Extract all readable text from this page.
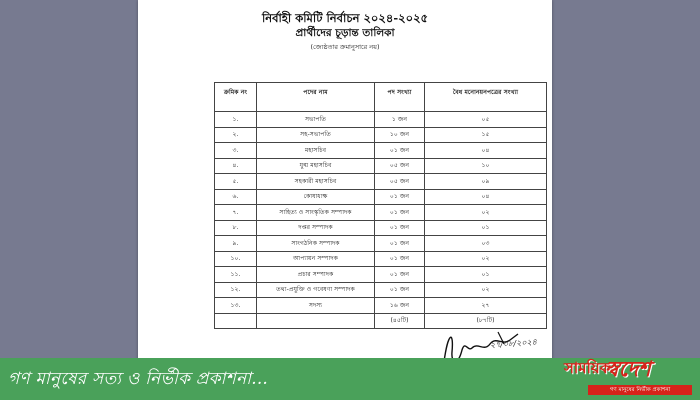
নির্বাহী কমিটি নির্বাচন ২০২৪-২০২৫
প্রার্থীদের চূড়ান্ত তালিকা
(জ্যেষ্ঠতার ক্রমানুসারে নয়)
ক্রমিক নং	পদের নাম	পদ সংখ্যা	বৈধ মনোনয়নপত্রের সংখ্যা
১.	সভাপতি	১ জন	০৫
২.	সহ-সভাপতি	১০ জন	১৫
৩.	মহাসচিব	০১ জন	০৪
৪.	যুগ্ম মহাসচিব	০৫ জন	১০
৫.	সহকারী মহাসচিব	০৫ জন	০৯
৬.	কোষাধ্যক্ষ	০১ জন	০৪
৭.	সাহিত্য ও সাংস্কৃতিক সম্পাদক	০১ জন	০২
৮.	দপ্তর সম্পাদক	০১ জন	০১
৯.	সাংগঠনিক সম্পাদক	০১ জন	০৩
১০.	আপ্যায়ন সম্পাদক	০১ জন	০২
১১.	প্রচার সম্পাদক	০১ জন	০১
১২.	তথ্য-প্রযুক্তি ও গবেষণা সম্পাদক	০১ জন	০২
১৩.	সদস্য	১৬ জন	২৭
		(৪৫টি)	(৮৭টি)
২৭/০৮/২০২৪
গণ মানুষের সত্য ও নির্ভীক প্রকাশনা...
সাময়িক
স্বদেশ
গণ মানুষের নির্ভীক প্রকাশনা
